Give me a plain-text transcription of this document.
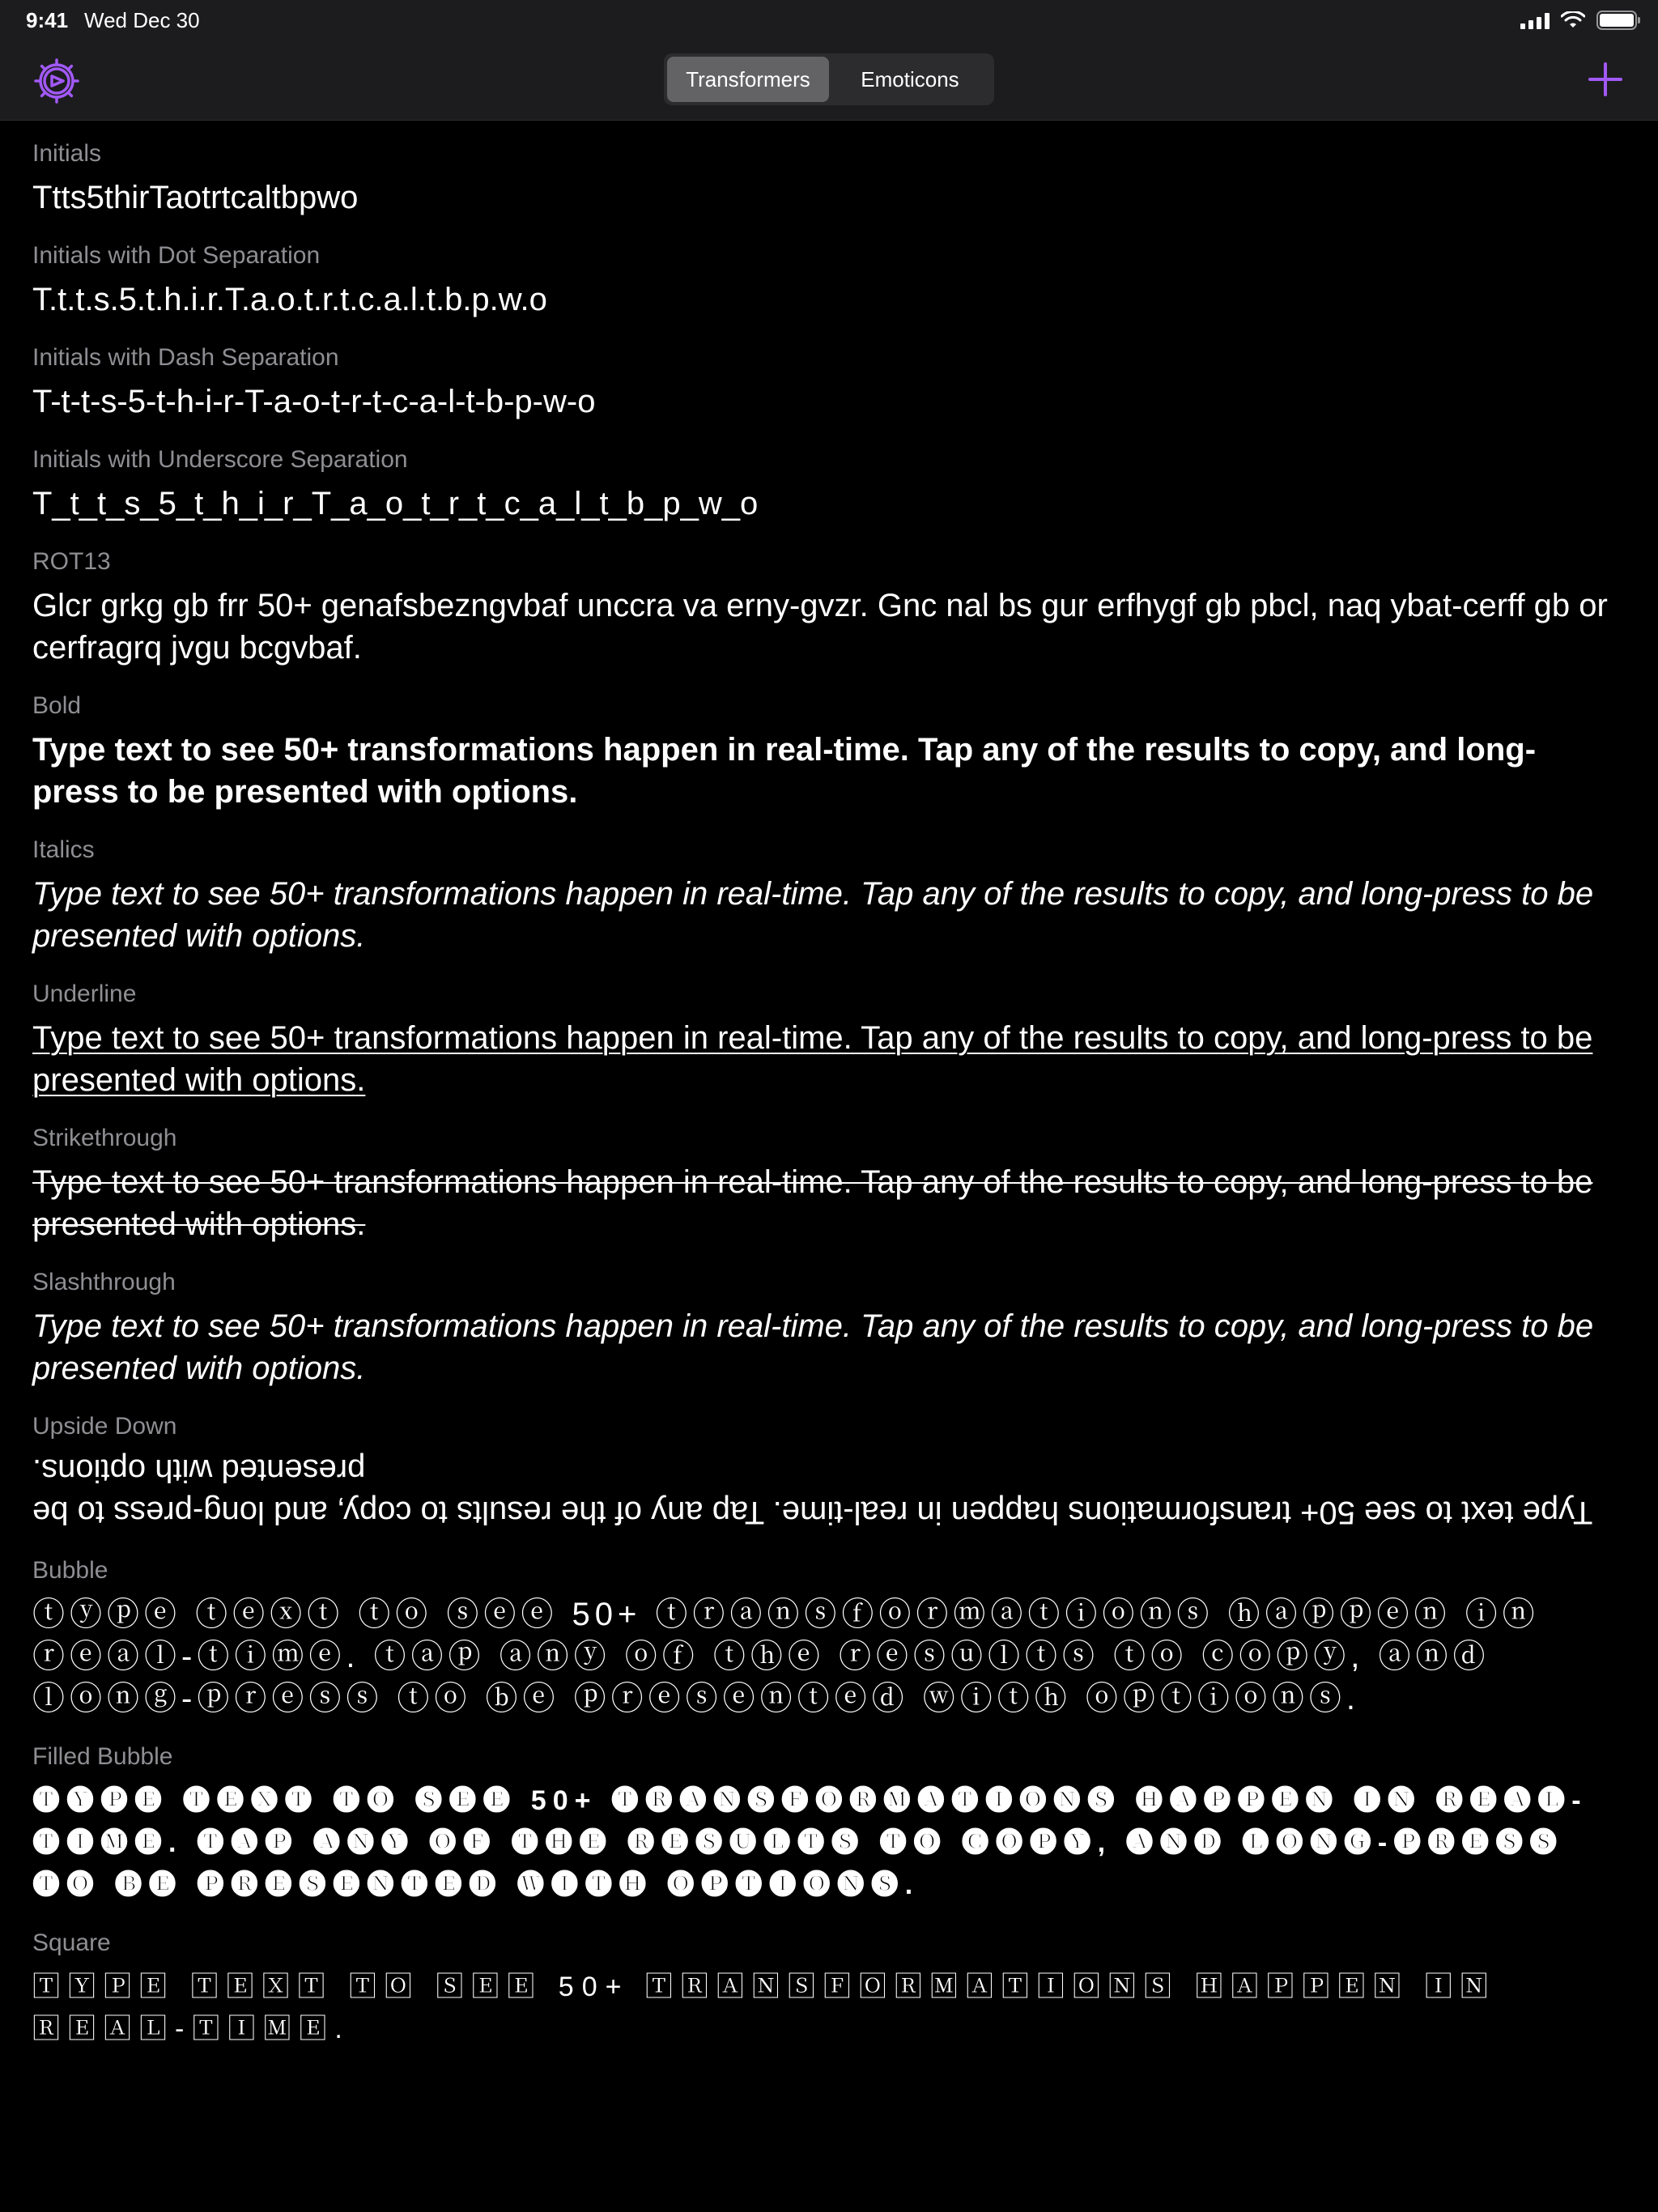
9:41 Wed Dec 30
Transformers	Emoticons
Initials
Ttts5thirTaotrtcaltbpwo
Initials with Dot Separation
T.t.t.s.5.t.h.i.r.T.a.o.t.r.t.c.a.l.t.b.p.w.o
Initials with Dash Separation
T-t-t-s-5-t-h-i-r-T-a-o-t-r-t-c-a-l-t-b-p-w-o
Initials with Underscore Separation
T_t_t_s_5_t_h_i_r_T_a_o_t_r_t_c_a_l_t_b_p_w_o
ROT13
Glcr grkg gb frr 50+ genafsbezngvbaf unccra va erny-gvzr. Gnc nal bs gur erfhygf gb pbcl, naq ybat-cerff gb or cerfragrq jvgu bcgvbaf.
Bold
Type text to see 50+ transformations happen in real-time. Tap any of the results to copy, and long-press to be presented with options.
Italics
Type text to see 50+ transformations happen in real-time. Tap any of the results to copy, and long-press to be presented with options.
Underline
Type text to see 50+ transformations happen in real-time. Tap any of the results to copy, and long-press to be presented with options.
Strikethrough
Type text to see 50+ transformations happen in real-time. Tap any of the results to copy, and long-press to be presented with options.
Slashthrough
Type text to see 50+ transformations happen in real-time. Tap any of the results to copy, and long-press to be presented with options.
Upside Down
Type text to see 50+ transformations happen in real-time. Tap any of the results to copy, and long-press to be presented with options.
Bubble
ⓣⓨⓟⓔ ⓣⓔⓧⓣ ⓣⓞ ⓢⓔⓔ 50+ ⓣⓡⓐⓝⓢⓕⓞⓡⓜⓐⓣⓘⓞⓝⓢ ⓗⓐⓟⓟⓔⓝ ⓘⓝ ⓡⓔⓐⓛ-ⓣⓘⓜⓔ. ⓣⓐⓟ ⓐⓝⓨ ⓞⓕ ⓣⓗⓔ ⓡⓔⓢⓤⓛⓣⓢ ⓣⓞ ⓒⓞⓟⓨ, ⓐⓝⓓ ⓛⓞⓝⓖ-ⓟⓡⓔⓢⓢ ⓣⓞ ⓑⓔ ⓟⓡⓔⓢⓔⓝⓣⓔⓓ ⓦⓘⓣⓗ ⓞⓟⓣⓘⓞⓝⓢ.
Filled Bubble
🅣🅨🅟🅔 🅣🅔🅧🅣 🅣🅞 🅢🅔🅔 50+ 🅣🅡🅐🅝🅢🅕🅞🅡🅜🅐🅣🅘🅞🅝🅢 🅗🅐🅟🅟🅔🅝 🅘🅝 🅡🅔🅐🅛-🅣🅘🅜🅔. 🅣🅐🅟 🅐🅝🅨 🅞🅕 🅣🅗🅔 🅡🅔🅢🅤🅛🅣🅢 🅣🅞 🅒🅞🅟🅨, 🅐🅝🅓 🅛🅞🅝🅖-🅟🅡🅔🅢🅢 🅣🅞 🅑🅔 🅟🅡🅔🅢🅔🅝🅣🅔🅓 🅦🅘🅣🅗 🅞🅟🅣🅘🅞🅝🅢.
Square
🅃🅈🄿🄴 🅃🄴🅇🅃 🅃🄾 🅂🄴🄴 50+ 🅃🅁🄰🄽🅂🄵🄾🅁🄼🄰🅃🄸🄾🄽🅂 🄷🄰🄿🄿🄴🄽 🄸🄽 🅁🄴🄰🄻-🅃🄸🄼🄴.
